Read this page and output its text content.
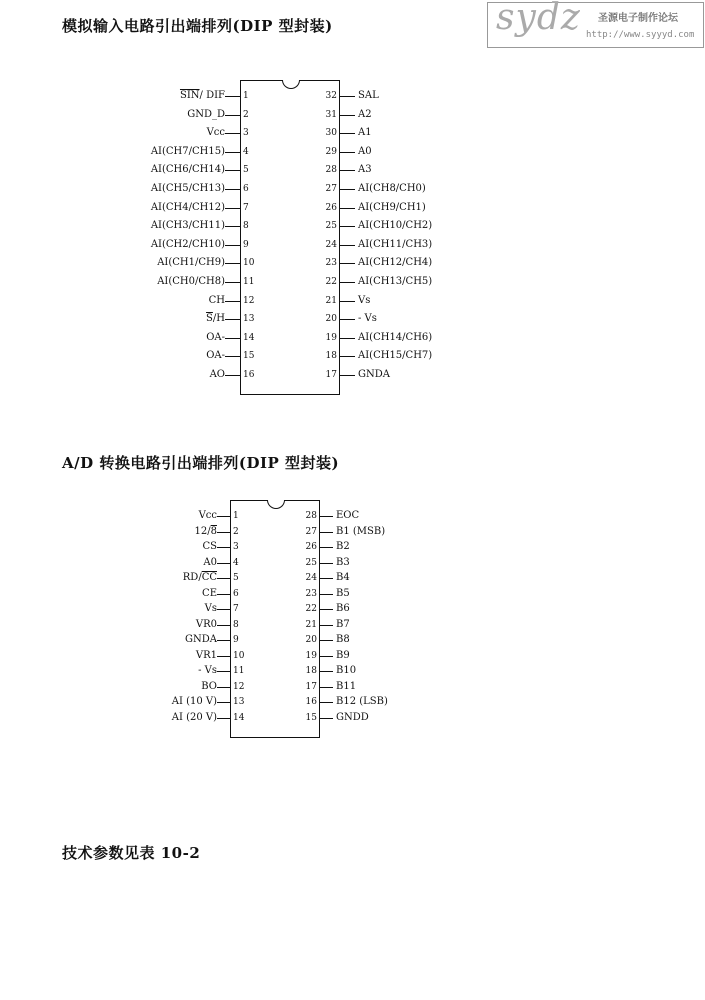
模拟输入电路引出端排列(DIP 型封装)
A/D 转换电路引出端排列(DIP 型封装)
技术参数见表 10-2
sydz 圣源电子制作论坛
http://www.syyyd.com
$\overline{SIN}/$ DIF 1
GND_D 2
Vcc 3
AI(CH7/CH15) 4
AI(CH6/CH14) 5
AI(CH5/CH13) 6
AI(CH4/CH12) 7
AI(CH3/CH11) 8
AI(CH2/CH10) 9
AI(CH1/CH9) 10
AI(CH0/CH8) 11
CH 12
$\overline{S}/H$ 13
OA- 14
OA- 15
AO 16
32 SAL
31 A2
30 A1
29 A0
28 A3
27 AI(CH8/CH0)
26 AI(CH9/CH1)
25 AI(CH10/CH2)
24 AI(CH11/CH3)
23 AI(CH12/CH4)
22 AI(CH13/CH5)
21 Vs
20 - Vs
19 AI(CH14/CH6)
18 AI(CH15/CH7)
17 GNDA
Vcc 1
12/8 2
CS 3
A0 4
$RD/\overline{CC}$ 5
CE 6
Vs 7
VR0 8
GNDA 9
VR1 10
- Vs 11
BO 12
AI (10 V) 13
AI (20 V) 14
28 EOC
27 B1 (MSB)
26 B2
25 B3
24 B4
23 B5
22 B6
21 B7
20 B8
19 B9
18 B10
17 B11
16 B12 (LSB)
15 GNDD
